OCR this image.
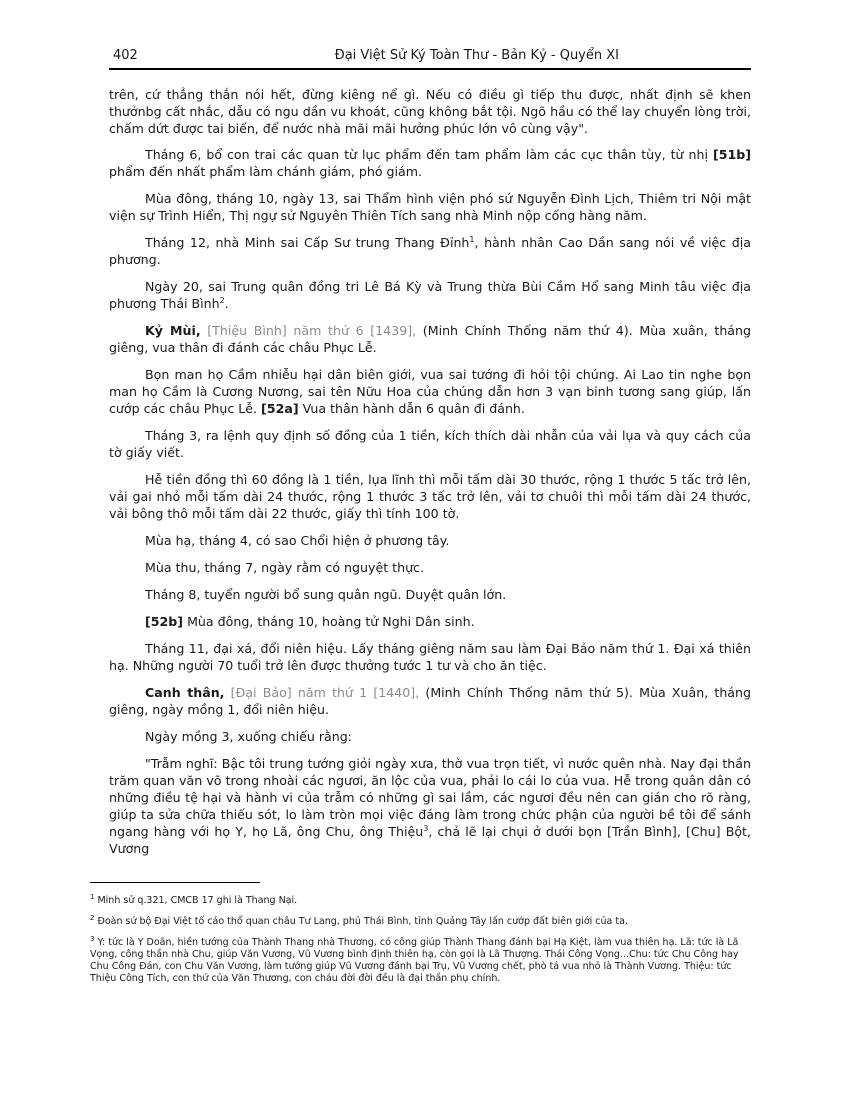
402	Đại Việt Sử Ký Toàn Thư - Bản Kỷ - Quyển XI

trên, cứ thẳng thắn nói hết, đừng kiêng nể gì. Nếu có điều gì tiếp thu được, nhất định sẽ khen thưởnbg cất nhắc, dẫu có ngu dần vu khoát, cũng không bắt tội. Ngõ hầu có thể lay chuyển lòng trời, chấm dứt được tai biến, để nước nhà mãi mãi hưởng phúc lớn vô cùng vậy".

Tháng 6, bổ con trai các quan từ lục phẩm đến tam phẩm làm các cục thân tùy, từ nhị [51b] phẩm đến nhất phẩm làm chánh giám, phó giám.

Mùa đông, tháng 10, ngày 13, sai Thẩm hình viện phó sứ Nguyễn Đình Lịch, Thiêm tri Nội mật viện sự Trình Hiển, Thị ngự sử Nguyên Thiên Tích sang nhà Minh nộp cống hàng năm.

Tháng 12, nhà Minh sai Cấp Sư trung Thang Đỉnh$^1$, hành nhân Cao Dần sang nói về việc địa phương.

Ngày 20, sai Trung quân đồng tri Lê Bá Kỳ và Trung thừa Bùi Cầm Hổ sang Minh tâu việc địa phương Thái Bình$^2$.

Kỷ Mùi, [Thiệu Bình] năm thứ 6 [1439], (Minh Chính Thống năm thứ 4). Mùa xuân, tháng giêng, vua thân đi đánh các châu Phục Lễ.

Bọn man họ Cầm nhiễu hại dân biên giới, vua sai tướng đi hỏi tội chúng. Ai Lao tin nghe bọn man họ Cầm là Cương Nương, sai tên Nữu Hoa của chúng dẫn hơn 3 vạn binh tương sang giúp, lấn cướp các châu Phục Lễ. [52a] Vua thân hành dẫn 6 quân đi đánh.

Tháng 3, ra lệnh quy định số đồng của 1 tiền, kích thích dài nhẫn của vải lụa và quy cách của tờ giấy viết.

Hễ tiền đồng thì 60 đồng là 1 tiền, lụa lĩnh thì mỗi tấm dài 30 thước, rộng 1 thước 5 tấc trở lên, vải gai nhỏ mỗi tấm dài 24 thước, rộng 1 thước 3 tấc trở lên, vải tơ chuôi thì mỗi tấm dài 24 thước, vải bông thô mỗi tấm dài 22 thước, giấy thì tính 100 tờ.

Mùa hạ, tháng 4, có sao Chổi hiện ở phương tây.

Mùa thu, tháng 7, ngày rằm có nguyệt thực.

Tháng 8, tuyển người bổ sung quân ngũ. Duyệt quân lớn.

[52b] Mùa đông, tháng 10, hoàng tử Nghi Dân sinh.

Tháng 11, đại xá, đổi niên hiệu. Lấy tháng giêng năm sau làm Đại Bảo năm thứ 1. Đại xá thiên hạ. Những người 70 tuổi trở lên được thưởng tước 1 tư và cho ăn tiệc.

Canh thân, [Đại Bảo] năm thứ 1 [1440], (Minh Chính Thống năm thứ 5). Mùa Xuân, tháng giêng, ngày mồng 1, đổi niên hiệu.

Ngày mồng 3, xuống chiếu rằng:

"Trẫm nghĩ: Bậc tôi trung tướng giỏi ngày xưa, thờ vua trọn tiết, vì nước quên nhà. Nay đại thần trăm quan văn võ trong nhoài các ngươi, ăn lộc của vua, phải lo cái lo của vua. Hễ trong quân dân có những điều tệ hại và hành vi của trẫm có những gì sai lầm, các ngươi đều nên can gián cho rõ ràng, giúp ta sửa chữa thiếu sót, lo làm tròn mọi việc đáng làm trong chức phận của người bề tôi để sánh ngang hàng với họ Y, họ Lã, ông Chu, ông Thiệu$^3$, chả lẽ lại chụi ở dưới bọn [Trần Bình], [Chu] Bột, Vương

$^1$ Minh sử q.321, CMCB 17 ghi là Thang Nại.

$^2$ Đoàn sứ bộ Đại Việt tố cáo thổ quan châu Tư Lang, phủ Thái Bình, tỉnh Quảng Tây lấn cướp đất biên giới của ta.

$^3$ Y: tức là Y Doãn, hiền tướng của Thành Thang nhà Thương, có công giúp Thành Thang đánh bại Hạ Kiệt, làm vua thiên hạ. Lã: tức là Lã Vọng, công thần nhà Chu, giúp Văn Vương, Vũ Vương bình định thiên hạ, còn gọi là Lã Thượng. Thái Công Vọng...Chu: tức Chu Công hay Chu Công Đán, con Chu Văn Vương, làm tướng giúp Vũ Vương đánh bại Trụ, Vũ Vương chết, phò tá vua nhỏ là Thành Vương. Thiệu: tức Thiệu Công Tích, con thứ của Văn Thương, con cháu đời đời đều là đại thần phụ chính.
